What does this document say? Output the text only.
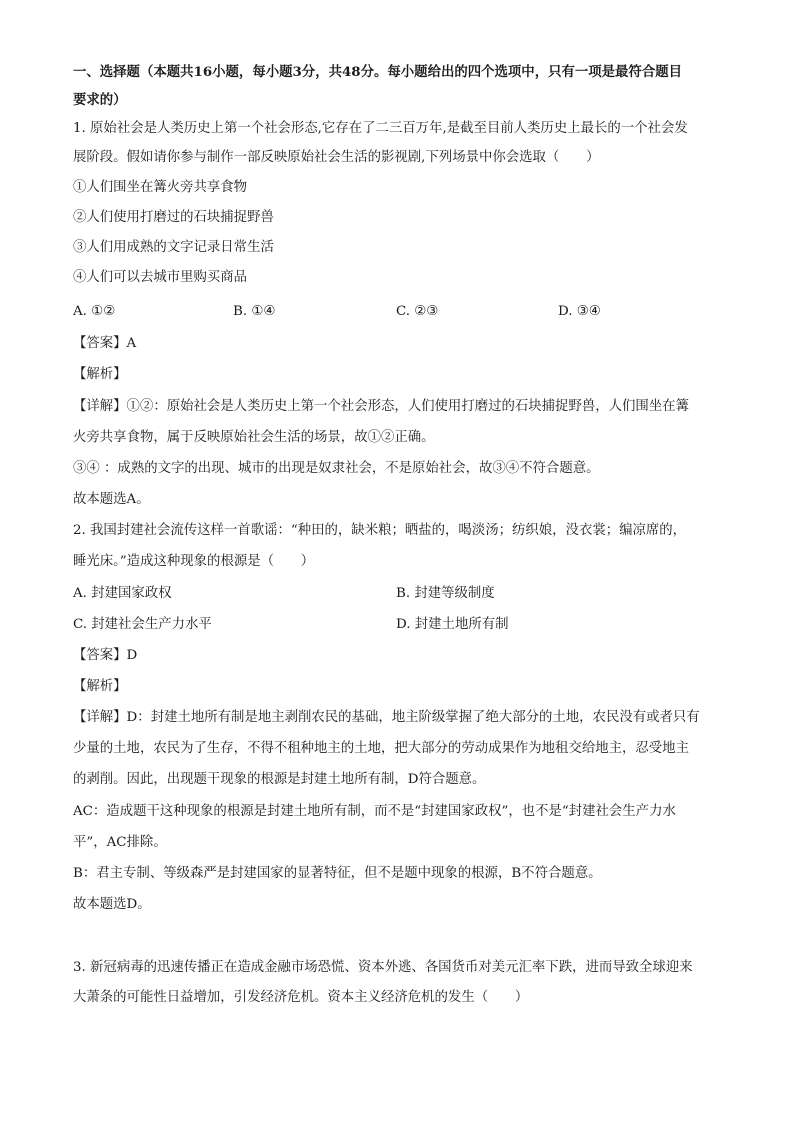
一、选择题（本题共16小题，每小题3分，共48分。每小题给出的四个选项中，只有一项是最符合题目
要求的）
1. 原始社会是人类历史上第一个社会形态,它存在了二三百万年,是截至目前人类历史上最长的一个社会发
展阶段。假如请你参与制作一部反映原始社会生活的影视剧,下列场景中你会选取（　　）
①人们围坐在篝火旁共享食物
②人们使用打磨过的石块捕捉野兽
③人们用成熟的文字记录日常生活
④人们可以去城市里购买商品
A. ①②	B. ①④	C. ②③	D. ③④
【答案】A
【解析】
【详解】①②：原始社会是人类历史上第一个社会形态，人们使用打磨过的石块捕捉野兽，人们围坐在篝
火旁共享食物，属于反映原始社会生活的场景，故①②正确。
③④ ：成熟的文字的出现、城市的出现是奴隶社会，不是原始社会，故③④不符合题意。
故本题选A。
2. 我国封建社会流传这样一首歌谣：“种田的，缺米粮；晒盐的，喝淡汤；纺织娘，没衣裳；编凉席的，
睡光床。”造成这种现象的根源是（　　）
A. 封建国家政权	B. 封建等级制度
C. 封建社会生产力水平	D. 封建土地所有制
【答案】D
【解析】
【详解】D：封建土地所有制是地主剥削农民的基础，地主阶级掌握了绝大部分的土地，农民没有或者只有
少量的土地，农民为了生存，不得不租种地主的土地，把大部分的劳动成果作为地租交给地主，忍受地主
的剥削。因此，出现题干现象的根源是封建土地所有制，D符合题意。
AC：造成题干这种现象的根源是封建土地所有制，而不是“封建国家政权”，也不是“封建社会生产力水
平”，AC排除。
B：君主专制、等级森严是封建国家的显著特征，但不是题中现象的根源，B不符合题意。
故本题选D。
3. 新冠病毒的迅速传播正在造成金融市场恐慌、资本外逃、各国货币对美元汇率下跌，进而导致全球迎来
大萧条的可能性日益增加，引发经济危机。资本主义经济危机的发生（　　）
